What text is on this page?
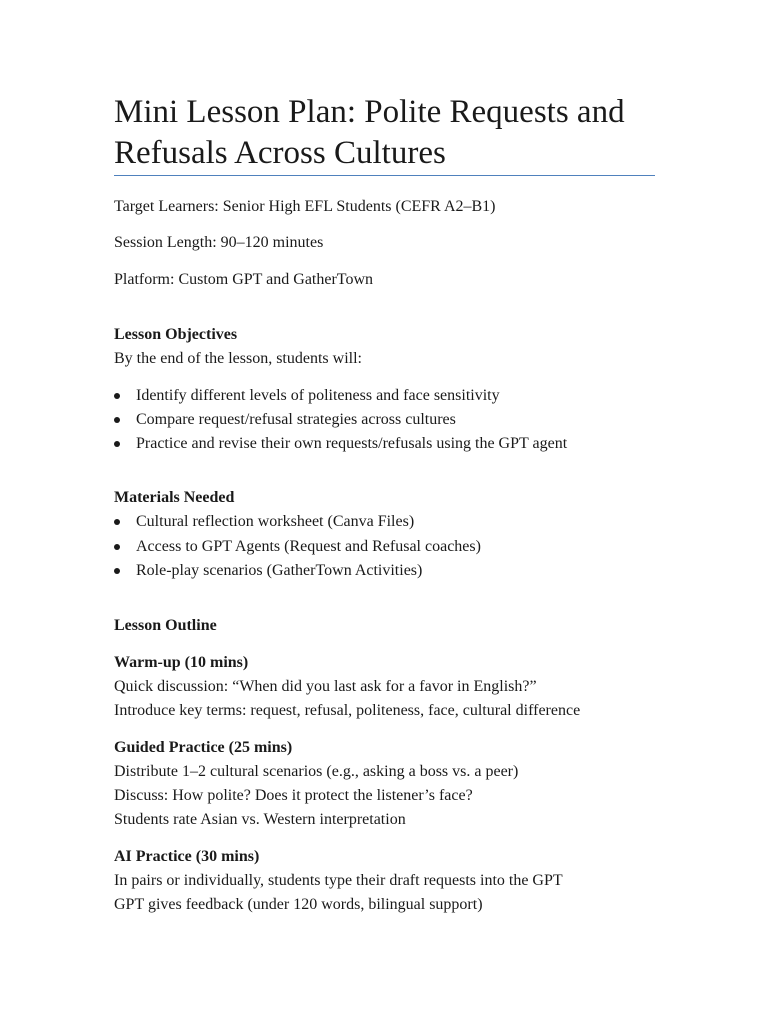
Mini Lesson Plan: Polite Requests and Refusals Across Cultures
Target Learners: Senior High EFL Students (CEFR A2–B1)
Session Length: 90–120 minutes
Platform: Custom GPT and GatherTown
Lesson Objectives
By the end of the lesson, students will:
Identify different levels of politeness and face sensitivity
Compare request/refusal strategies across cultures
Practice and revise their own requests/refusals using the GPT agent
Materials Needed
Cultural reflection worksheet (Canva Files)
Access to GPT Agents (Request and Refusal coaches)
Role-play scenarios (GatherTown Activities)
Lesson Outline
Warm-up (10 mins)
Quick discussion: “When did you last ask for a favor in English?”
Introduce key terms: request, refusal, politeness, face, cultural difference
Guided Practice (25 mins)
Distribute 1–2 cultural scenarios (e.g., asking a boss vs. a peer)
Discuss: How polite? Does it protect the listener’s face?
Students rate Asian vs. Western interpretation
AI Practice (30 mins)
In pairs or individually, students type their draft requests into the GPT
GPT gives feedback (under 120 words, bilingual support)
